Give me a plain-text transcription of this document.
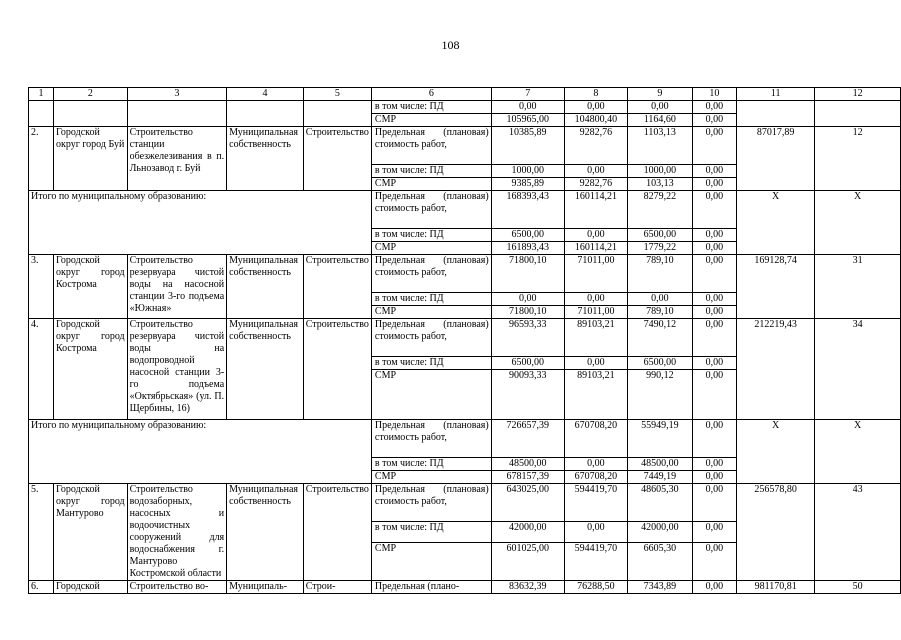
108
1	2	3	4	5	6	7	8	9	10	11	12
					в том числе: ПД	0,00	0,00	0,00	0,00		
					СМР	105965,00	104800,40	1164,60	0,00		
2.	Городской округ город Буй	Строительство станции обезжелезивания в п. Льнозавод г. Буй	Муниципальная собственность	Строительство	Предельная (плановая) стоимость работ,	10385,89	9282,76	1103,13	0,00	87017,89	12
					в том числе: ПД	1000,00	0,00	1000,00	0,00		
					СМР	9385,89	9282,76	103,13	0,00		
Итого по муниципальному образованию:					Предельная (плановая) стоимость работ,	168393,43	160114,21	8279,22	0,00	Х	Х
					в том числе: ПД	6500,00	0,00	6500,00	0,00		
					СМР	161893,43	160114,21	1779,22	0,00		
3.	Городской округ город Кострома	Строительство резервуара чистой воды на насосной станции 3-го подъема «Южная»	Муниципальная собственность	Строительство	Предельная (плановая) стоимость работ,	71800,10	71011,00	789,10	0,00	169128,74	31
					в том числе: ПД	0,00	0,00	0,00	0,00		
					СМР	71800,10	71011,00	789,10	0,00		
4.	Городской округ город Кострома	Строительство резервуара чистой воды на водопроводной насосной станции 3-го подъема «Октябрьская» (ул. П. Щербины, 16)	Муниципальная собственность	Строительство	Предельная (плановая) стоимость работ,	96593,33	89103,21	7490,12	0,00	212219,43	34
					в том числе: ПД	6500,00	0,00	6500,00	0,00		
					СМР	90093,33	89103,21	990,12	0,00		
Итого по муниципальному образованию:					Предельная (плановая) стоимость работ,	726657,39	670708,20	55949,19	0,00	Х	Х
					в том числе: ПД	48500,00	0,00	48500,00	0,00		
					СМР	678157,39	670708,20	7449,19	0,00		
5.	Городской округ город Мантурово	Строительство водозаборных, насосных и водоочистных сооружений для водоснабжения г. Мантурово Костромской области	Муниципальная собственность	Строительство	Предельная (плановая) стоимость работ,	643025,00	594419,70	48605,30	0,00	256578,80	43
					в том числе: ПД	42000,00	0,00	42000,00	0,00		
					СМР	601025,00	594419,70	6605,30	0,00		
6.	Городской	Строительство во-	Муниципаль-	Строи-	Предельная (плано-	83632,39	76288,50	7343,89	0,00	981170,81	50
